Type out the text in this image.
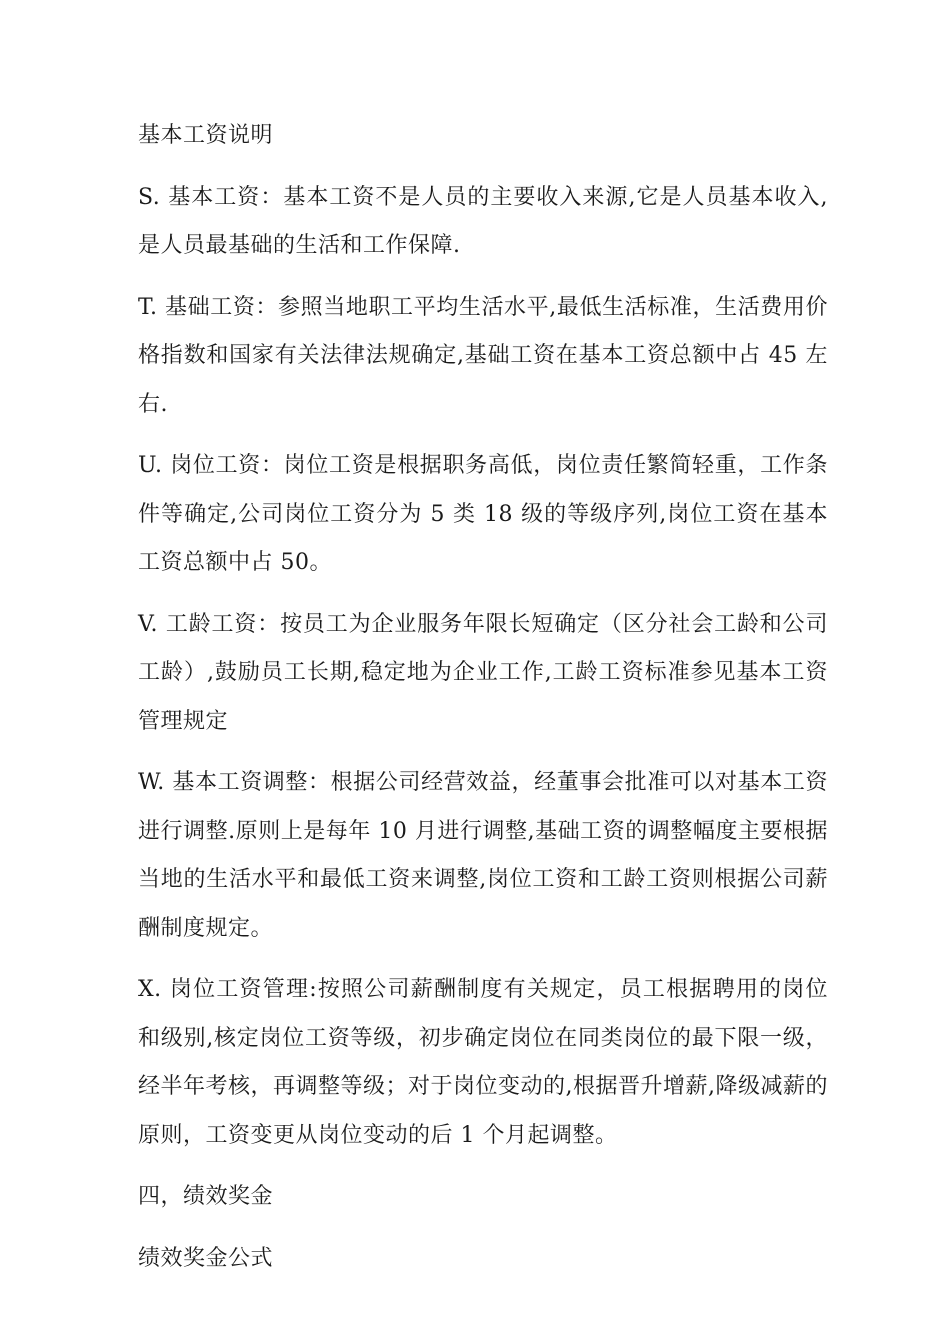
基本工资说明

S. 基本工资：基本工资不是人员的主要收入来源,它是人员基本收入,是人员最基础的生活和工作保障.

T. 基础工资：参照当地职工平均生活水平,最低生活标准，生活费用价格指数和国家有关法律法规确定,基础工资在基本工资总额中占 45 左右.

U. 岗位工资：岗位工资是根据职务高低，岗位责任繁简轻重，工作条件等确定,公司岗位工资分为 5 类 18 级的等级序列,岗位工资在基本工资总额中占 50。

V. 工龄工资：按员工为企业服务年限长短确定（区分社会工龄和公司工龄）,鼓励员工长期,稳定地为企业工作,工龄工资标准参见基本工资管理规定

W. 基本工资调整：根据公司经营效益，经董事会批准可以对基本工资进行调整.原则上是每年 10 月进行调整,基础工资的调整幅度主要根据当地的生活水平和最低工资来调整,岗位工资和工龄工资则根据公司薪酬制度规定。

X. 岗位工资管理:按照公司薪酬制度有关规定，员工根据聘用的岗位和级别,核定岗位工资等级，初步确定岗位在同类岗位的最下限一级，经半年考核，再调整等级；对于岗位变动的,根据晋升增薪,降级减薪的原则，工资变更从岗位变动的后 1 个月起调整。

四，绩效奖金

绩效奖金公式
